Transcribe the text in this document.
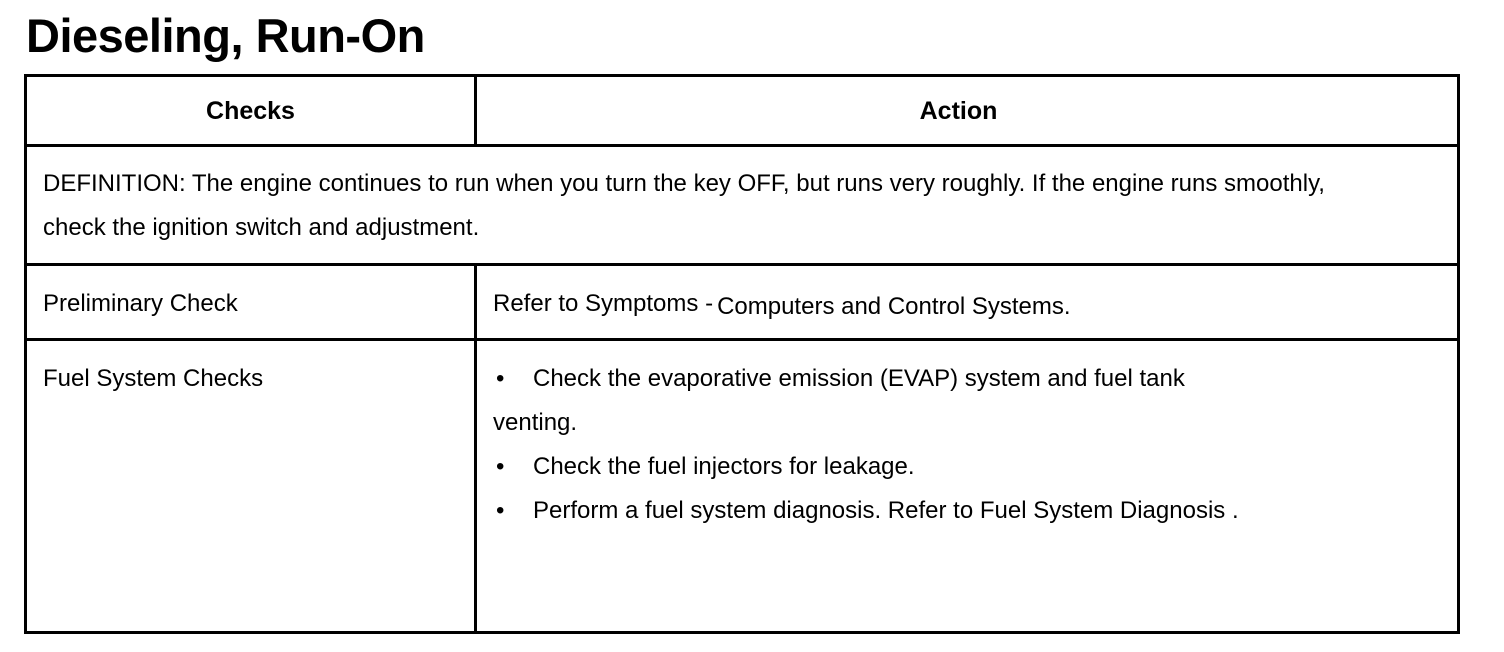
Dieseling, Run-On
Checks	Action
DEFINITION: The engine continues to run when you turn the key OFF, but runs very roughly. If the engine runs smoothly, check the ignition switch and adjustment.
Preliminary Check	Refer to Symptoms - Computers and Control Systems.
Fuel System Checks	• Check the evaporative emission (EVAP) system and fuel tank
venting.
• Check the fuel injectors for leakage.
• Perform a fuel system diagnosis. Refer to Fuel System Diagnosis .
